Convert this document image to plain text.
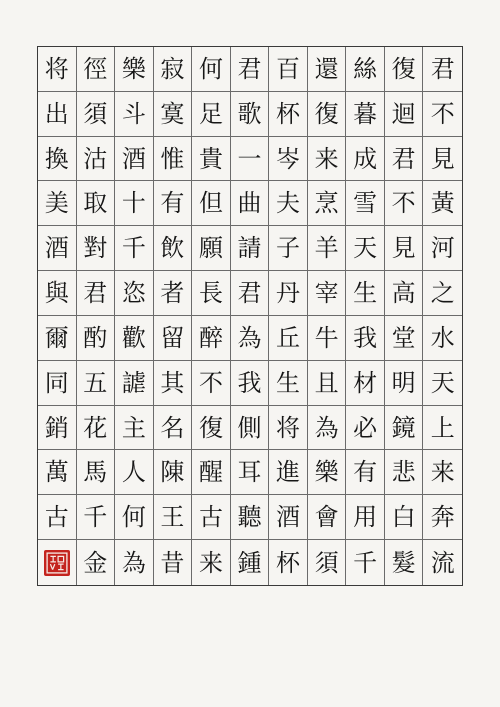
将 徑 樂 寂 何 君 百 還 絲 復 君
出 須 斗 寞 足 歌 杯 復 暮 迴 不
換 沽 酒 惟 貴 一 岑 来 成 君 見
美 取 十 有 但 曲 夫 烹 雪 不 黃
酒 對 千 飲 願 請 子 羊 天 見 河
與 君 恣 者 長 君 丹 宰 生 高 之
爾 酌 歡 留 醉 為 丘 牛 我 堂 水
同 五 謔 其 不 我 生 且 材 明 天
銷 花 主 名 復 側 将 為 必 鏡 上
萬 馬 人 陳 醒 耳 進 樂 有 悲 来
古 千 何 王 古 聽 酒 會 用 白 奔
金 為 昔 来 鍾 杯 須 千 髮 流
